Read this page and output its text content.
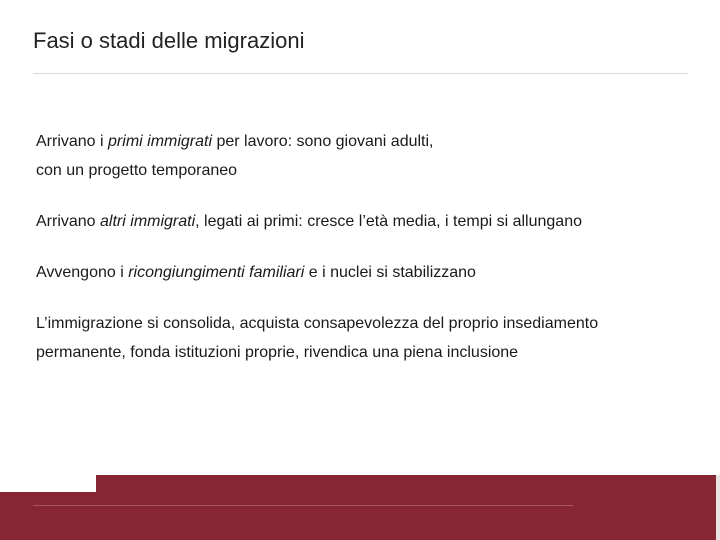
Fasi o stadi delle migrazioni
Arrivano i primi immigrati per lavoro: sono giovani adulti,
con un progetto temporaneo
Arrivano altri immigrati, legati ai primi: cresce l’età media, i tempi si allungano
Avvengono i ricongiungimenti familiari e i nuclei si stabilizzano
L’immigrazione si consolida, acquista consapevolezza del proprio insediamento
permanente, fonda istituzioni proprie, rivendica una piena inclusione
